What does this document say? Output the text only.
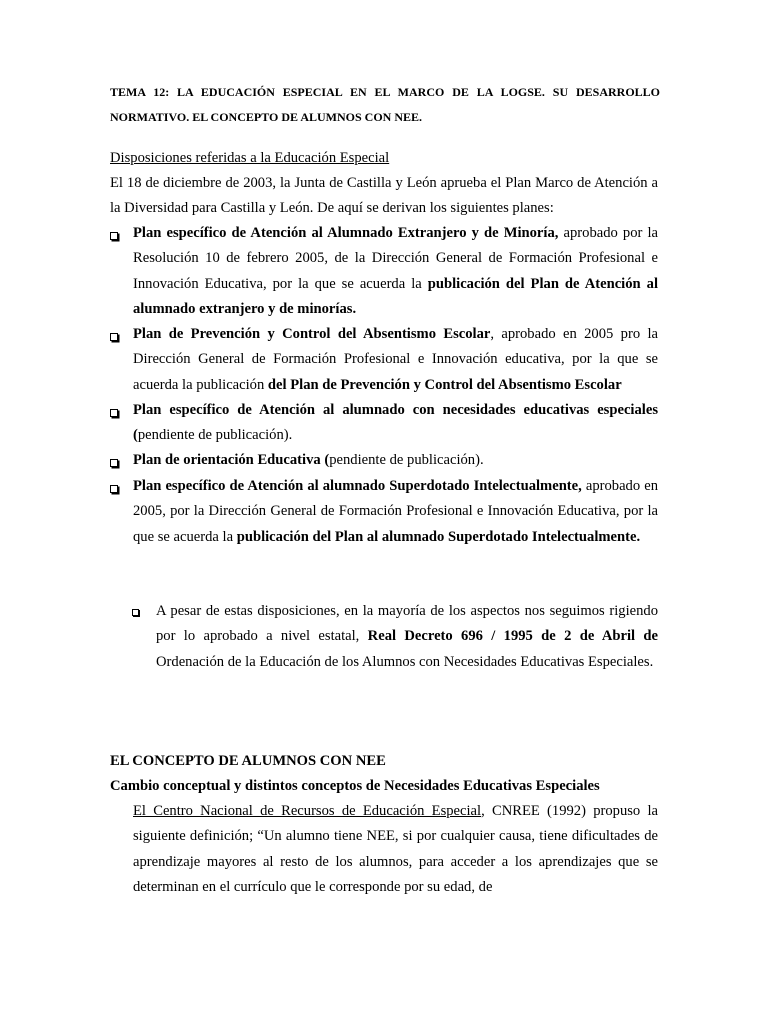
TEMA 12: LA EDUCACIÓN ESPECIAL EN EL MARCO DE LA LOGSE. SU DESARROLLO NORMATIVO. EL CONCEPTO DE ALUMNOS CON NEE.

Disposiciones referidas a la Educación Especial

El 18 de diciembre de 2003, la Junta de Castilla y León aprueba el Plan Marco de Atención a la Diversidad para Castilla y León. De aquí se derivan los siguientes planes:

Plan específico de Atención al Alumnado Extranjero y de Minoría, aprobado por la Resolución 10 de febrero 2005, de la Dirección General de Formación Profesional e Innovación Educativa, por la que se acuerda la publicación del Plan de Atención al alumnado extranjero y de minorías.
Plan de Prevención y Control del Absentismo Escolar, aprobado en 2005 pro la Dirección General de Formación Profesional e Innovación educativa, por la que se acuerda la publicación del Plan de Prevención y Control del Absentismo Escolar
Plan específico de Atención al alumnado con necesidades educativas especiales (pendiente de publicación).
Plan de orientación Educativa (pendiente de publicación).
Plan específico de Atención al alumnado Superdotado Intelectualmente, aprobado en 2005, por la Dirección General de Formación Profesional e Innovación Educativa, por la que se acuerda la publicación del Plan al alumnado Superdotado Intelectualmente.
A pesar de estas disposiciones, en la mayoría de los aspectos nos seguimos rigiendo por lo aprobado a nivel estatal, Real Decreto 696 / 1995 de 2 de Abril de Ordenación de la Educación de los Alumnos con Necesidades Educativas Especiales.

EL CONCEPTO DE ALUMNOS CON NEE

Cambio conceptual y distintos conceptos de Necesidades Educativas Especiales

El Centro Nacional de Recursos de Educación Especial, CNREE (1992) propuso la siguiente definición; “Un alumno tiene NEE, si por cualquier causa, tiene dificultades de aprendizaje mayores al resto de los alumnos, para acceder a los aprendizajes que se determinan en el currículo que le corresponde por su edad, de
